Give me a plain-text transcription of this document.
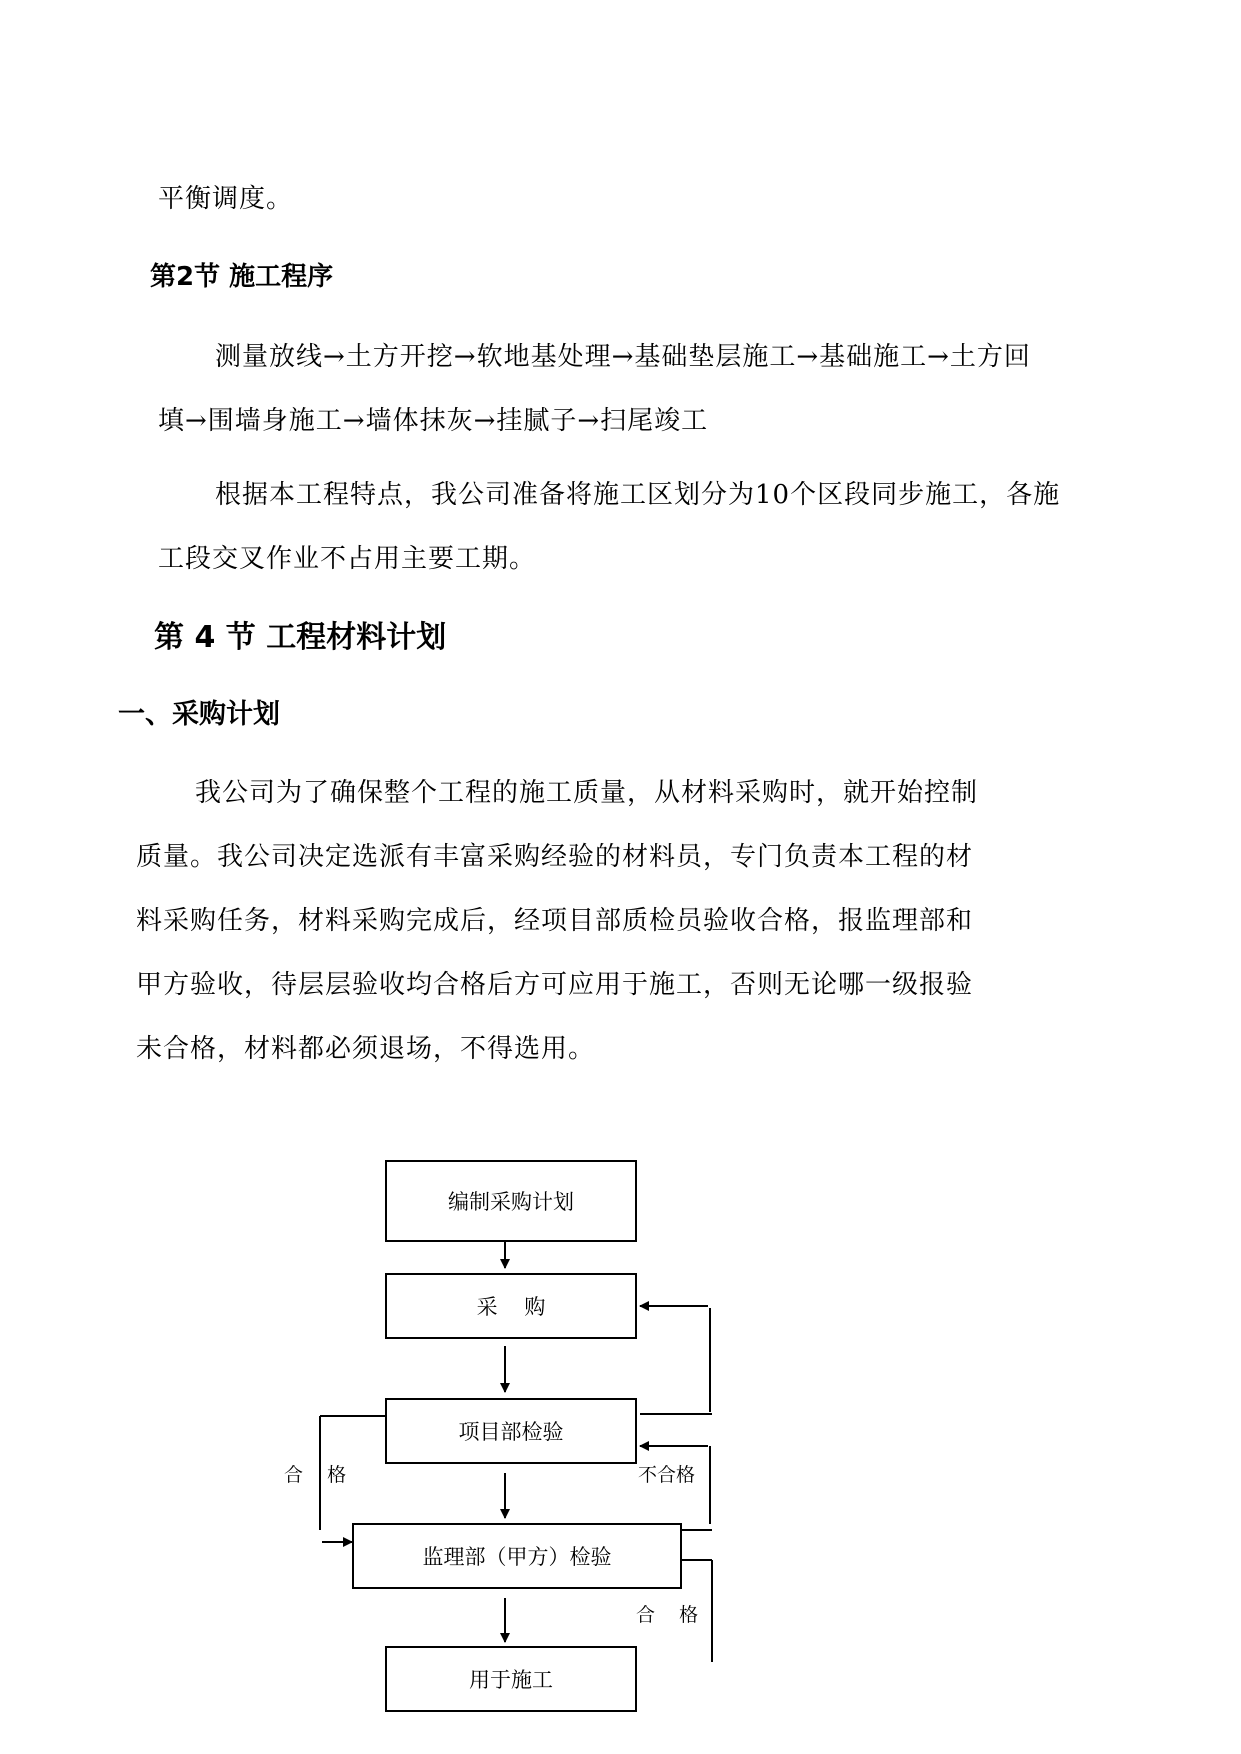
平衡调度。
第2节 施工程序
测量放线→土方开挖→软地基处理→基础垫层施工→基础施工→土方回
填→围墙身施工→墙体抹灰→挂腻子→扫尾竣工
根据本工程特点，我公司准备将施工区划分为10个区段同步施工，各施
工段交叉作业不占用主要工期。
第 4 节 工程材料计划
一、采购计划
我公司为了确保整个工程的施工质量，从材料采购时，就开始控制
质量。我公司决定选派有丰富采购经验的材料员，专门负责本工程的材
料采购任务，材料采购完成后，经项目部质检员验收合格，报监理部和
甲方验收，待层层验收均合格后方可应用于施工，否则无论哪一级报验
未合格，材料都必须退场，不得选用。
编制采购计划
采    购
项目部检验
监理部（甲方）检验
用于施工
合    格	不合格
合    格
